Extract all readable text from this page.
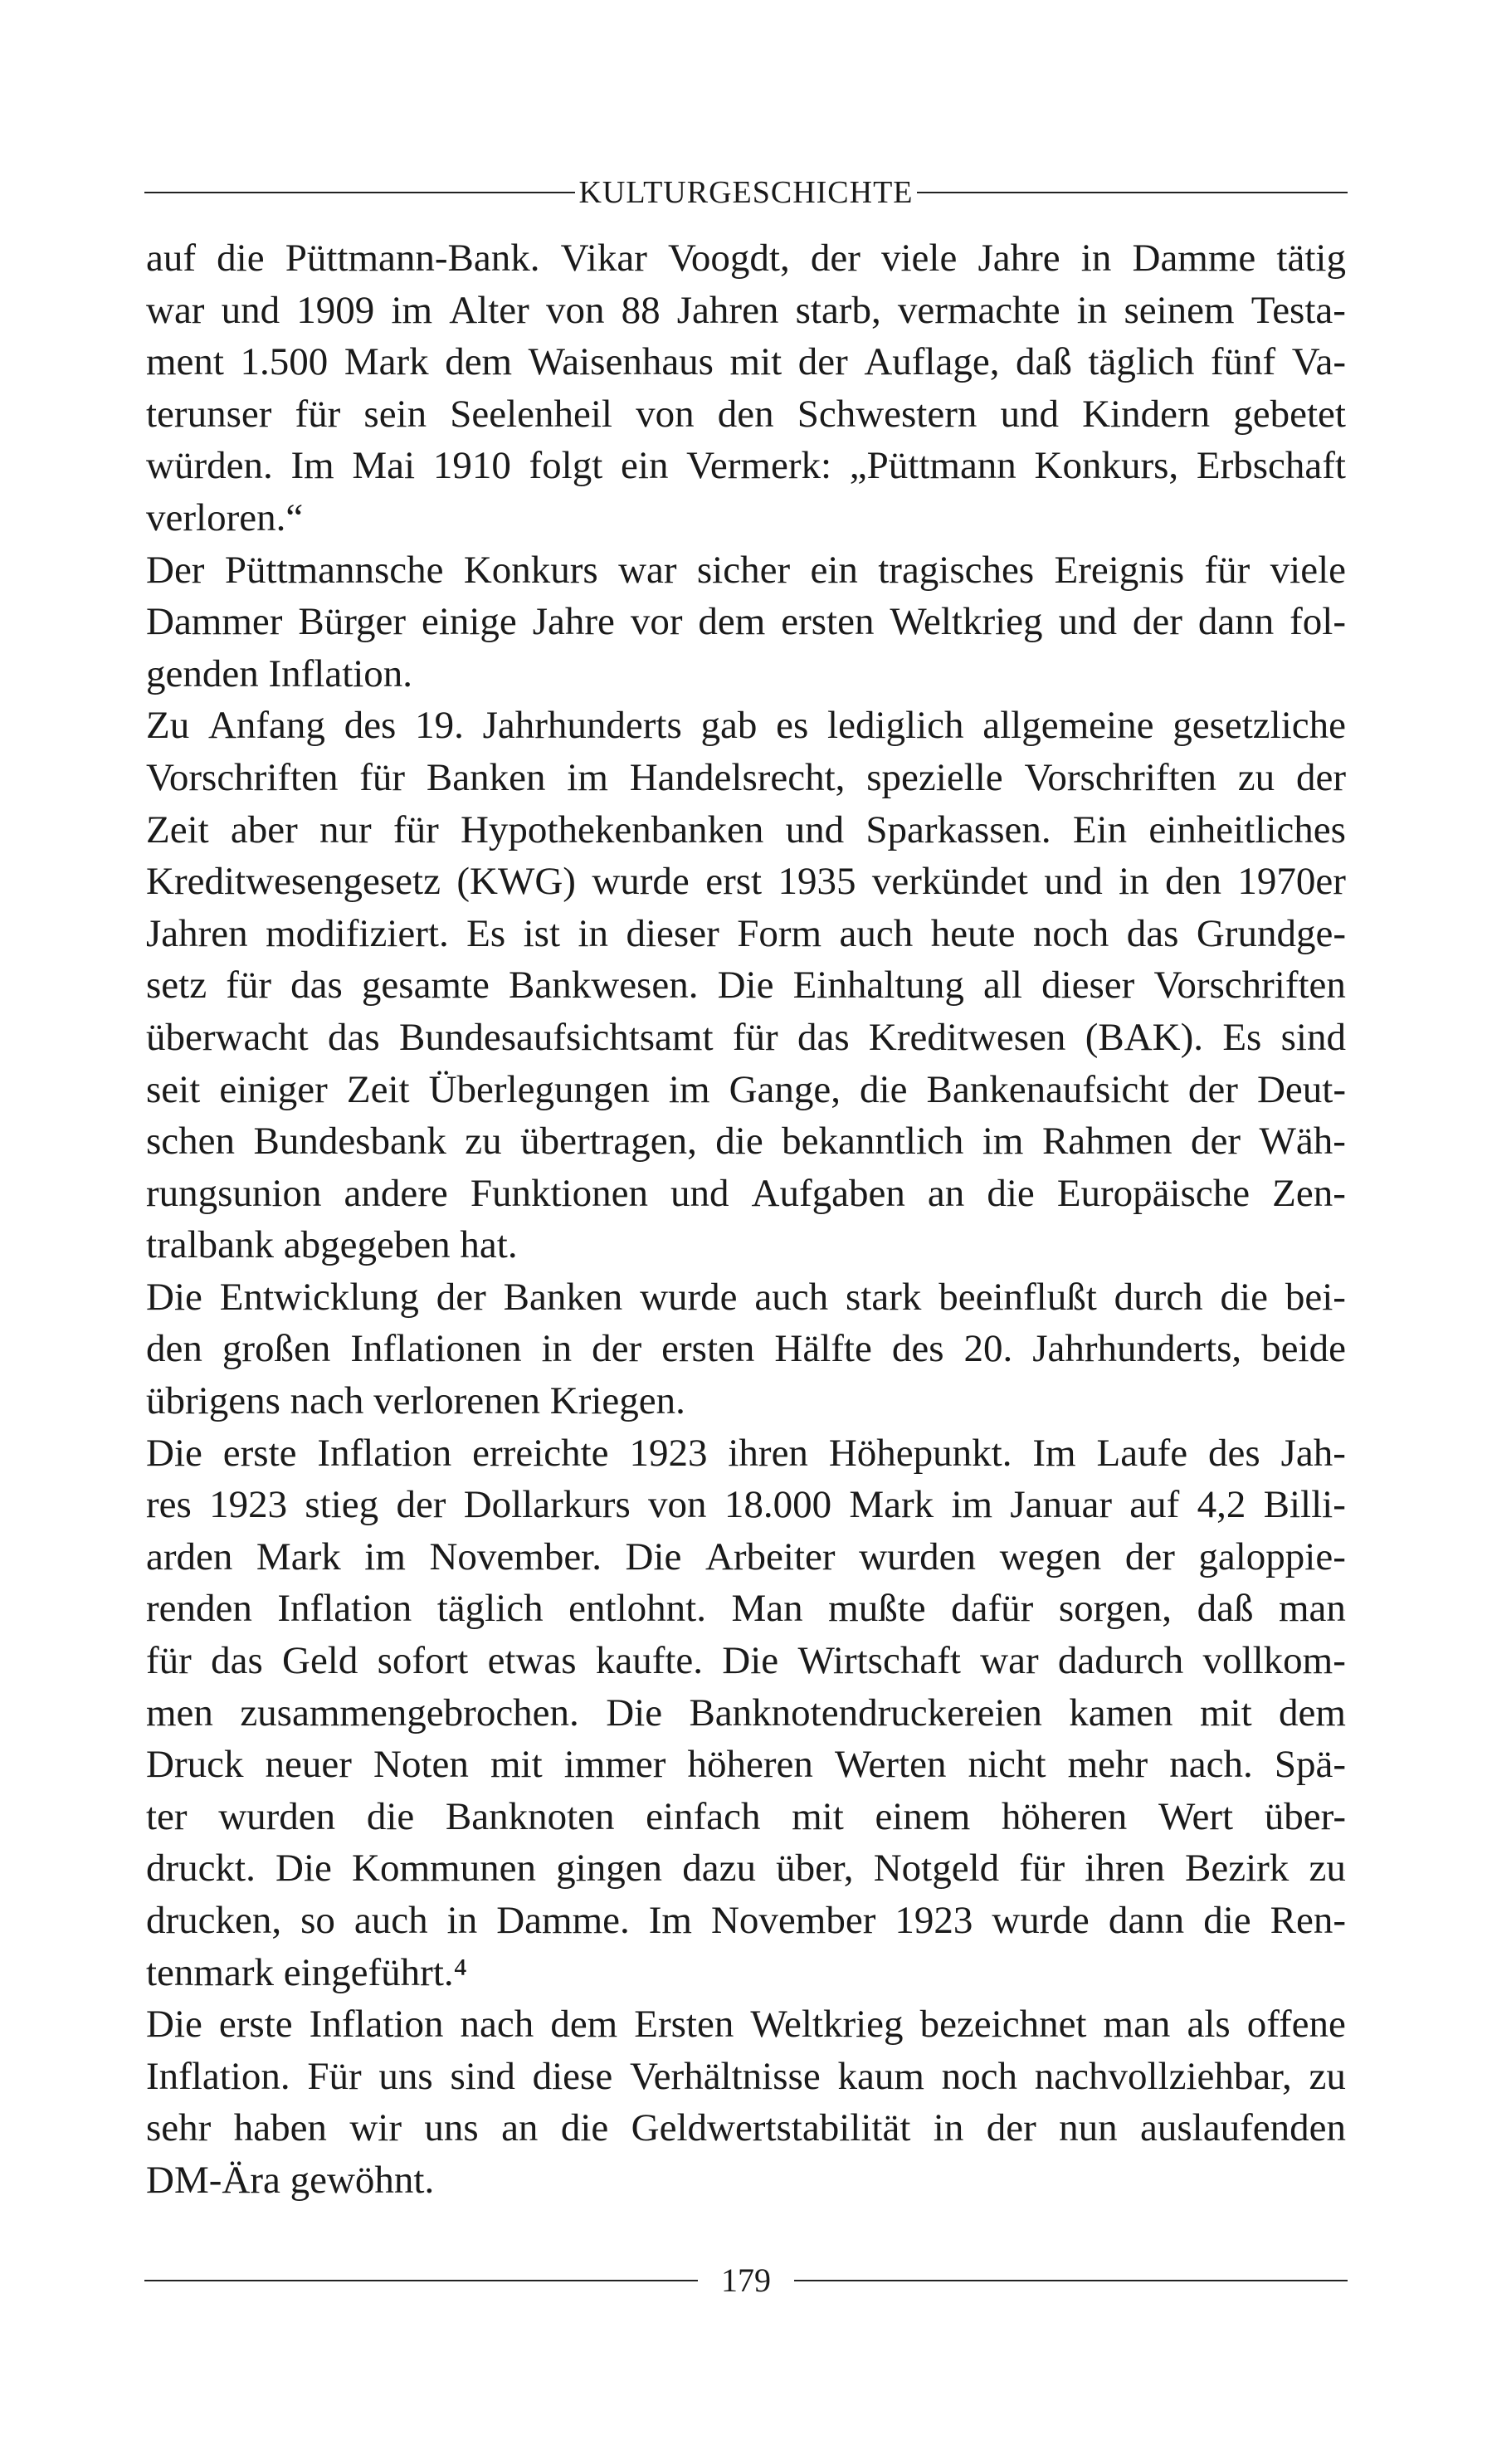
KULTURGESCHICHTE
auf die Püttmann-Bank. Vikar Voogdt, der viele Jahre in Damme tätig
war und 1909 im Alter von 88 Jahren starb, vermachte in seinem Testa-
ment 1.500 Mark dem Waisenhaus mit der Auflage, daß täglich fünf Va-
terunser für sein Seelenheil von den Schwestern und Kindern gebetet
würden. Im Mai 1910 folgt ein Vermerk: „Püttmann Konkurs, Erbschaft
verloren.“
Der Püttmannsche Konkurs war sicher ein tragisches Ereignis für viele
Dammer Bürger einige Jahre vor dem ersten Weltkrieg und der dann fol-
genden Inflation.
Zu Anfang des 19. Jahrhunderts gab es lediglich allgemeine gesetzliche
Vorschriften für Banken im Handelsrecht, spezielle Vorschriften zu der
Zeit aber nur für Hypothekenbanken und Sparkassen. Ein einheitliches
Kreditwesengesetz (KWG) wurde erst 1935 verkündet und in den 1970er
Jahren modifiziert. Es ist in dieser Form auch heute noch das Grundge-
setz für das gesamte Bankwesen. Die Einhaltung all dieser Vorschriften
überwacht das Bundesaufsichtsamt für das Kreditwesen (BAK). Es sind
seit einiger Zeit Überlegungen im Gange, die Bankenaufsicht der Deut-
schen Bundesbank zu übertragen, die bekanntlich im Rahmen der Wäh-
rungsunion andere Funktionen und Aufgaben an die Europäische Zen-
tralbank abgegeben hat.
Die Entwicklung der Banken wurde auch stark beeinflußt durch die bei-
den großen Inflationen in der ersten Hälfte des 20. Jahrhunderts, beide
übrigens nach verlorenen Kriegen.
Die erste Inflation erreichte 1923 ihren Höhepunkt. Im Laufe des Jah-
res 1923 stieg der Dollarkurs von 18.000 Mark im Januar auf 4,2 Billi-
arden Mark im November. Die Arbeiter wurden wegen der galoppie-
renden Inflation täglich entlohnt. Man mußte dafür sorgen, daß man
für das Geld sofort etwas kaufte. Die Wirtschaft war dadurch vollkom-
men zusammengebrochen. Die Banknotendruckereien kamen mit dem
Druck neuer Noten mit immer höheren Werten nicht mehr nach. Spä-
ter wurden die Banknoten einfach mit einem höheren Wert über-
druckt. Die Kommunen gingen dazu über, Notgeld für ihren Bezirk zu
drucken, so auch in Damme. Im November 1923 wurde dann die Ren-
tenmark eingeführt.⁴
Die erste Inflation nach dem Ersten Weltkrieg bezeichnet man als offene
Inflation. Für uns sind diese Verhältnisse kaum noch nachvollziehbar, zu
sehr haben wir uns an die Geldwertstabilität in der nun auslaufenden
DM-Ära gewöhnt.
179
